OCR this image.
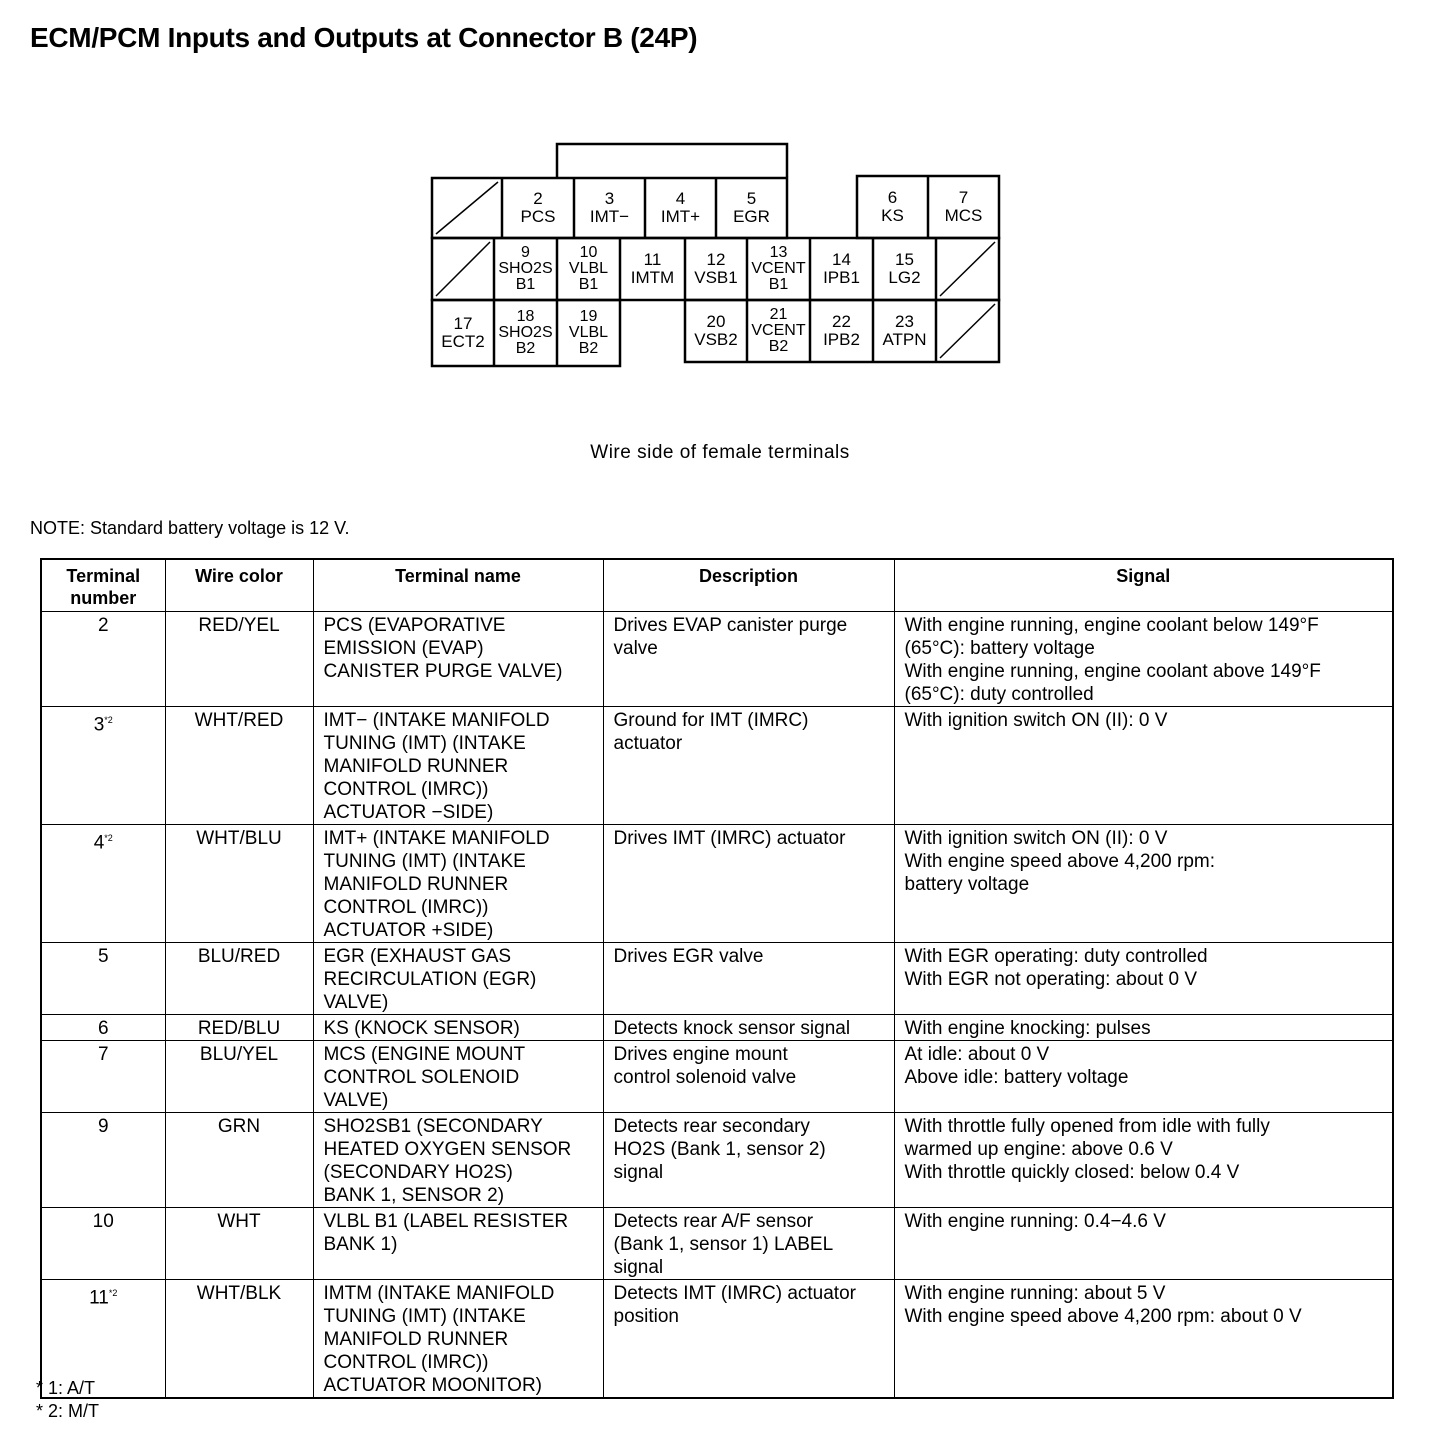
ECM/PCM Inputs and Outputs at Connector B (24P)
2
PCS
3
IMT−
4
IMT+
5
EGR
6
KS
7
MCS
9
SHO2S
B1
10
VLBL
B1
11
IMTM
12
VSB1
13
VCENT
B1
14
IPB1
15
LG2
17
ECT2
18
SHO2S
B2
19
VLBL
B2
20
VSB2
21
VCENT
B2
22
IPB2
23
ATPN
Wire side of female terminals
NOTE: Standard battery voltage is 12 V.
Terminal number	Wire color	Terminal name	Description	Signal
2	RED/YEL	PCS (EVAPORATIVE
EMISSION (EVAP)
CANISTER PURGE VALVE)	Drives EVAP canister purge
valve	With engine running, engine coolant below 149°F
(65°C): battery voltage
With engine running, engine coolant above 149°F
(65°C): duty controlled

3$^{*2}$	WHT/RED	IMT− (INTAKE MANIFOLD
TUNING (IMT) (INTAKE
MANIFOLD RUNNER
CONTROL (IMRC))
ACTUATOR −SIDE)	Ground for IMT (IMRC)
actuator	With ignition switch ON (II): 0 V

4$^{*2}$	WHT/BLU	IMT+ (INTAKE MANIFOLD
TUNING (IMT) (INTAKE
MANIFOLD RUNNER
CONTROL (IMRC))
ACTUATOR +SIDE)	Drives IMT (IMRC) actuator	With ignition switch ON (II): 0 V
With engine speed above 4,200 rpm:
battery voltage

5	BLU/RED	EGR (EXHAUST GAS
RECIRCULATION (EGR)
VALVE)	Drives EGR valve	With EGR operating: duty controlled
With EGR not operating: about 0 V

6	RED/BLU	KS (KNOCK SENSOR)	Detects knock sensor signal	With engine knocking: pulses

7	BLU/YEL	MCS (ENGINE MOUNT
CONTROL SOLENOID
VALVE)	Drives engine mount
control solenoid valve	At idle: about 0 V
Above idle: battery voltage

9	GRN	SHO2SB1 (SECONDARY
HEATED OXYGEN SENSOR
(SECONDARY HO2S)
BANK 1, SENSOR 2)	Detects rear secondary
HO2S (Bank 1, sensor 2)
signal	With throttle fully opened from idle with fully
warmed up engine: above 0.6 V
With throttle quickly closed: below 0.4 V

10	WHT	VLBL B1 (LABEL RESISTER
BANK 1)	Detects rear A/F sensor
(Bank 1, sensor 1) LABEL
signal	With engine running: 0.4−4.6 V

11$^{*2}$	WHT/BLK	IMTM (INTAKE MANIFOLD
TUNING (IMT) (INTAKE
MANIFOLD RUNNER
CONTROL (IMRC))
ACTUATOR MOONITOR)	Detects IMT (IMRC) actuator
position	With engine running: about 5 V
With engine speed above 4,200 rpm: about 0 V
* 1: A/T
* 2: M/T
